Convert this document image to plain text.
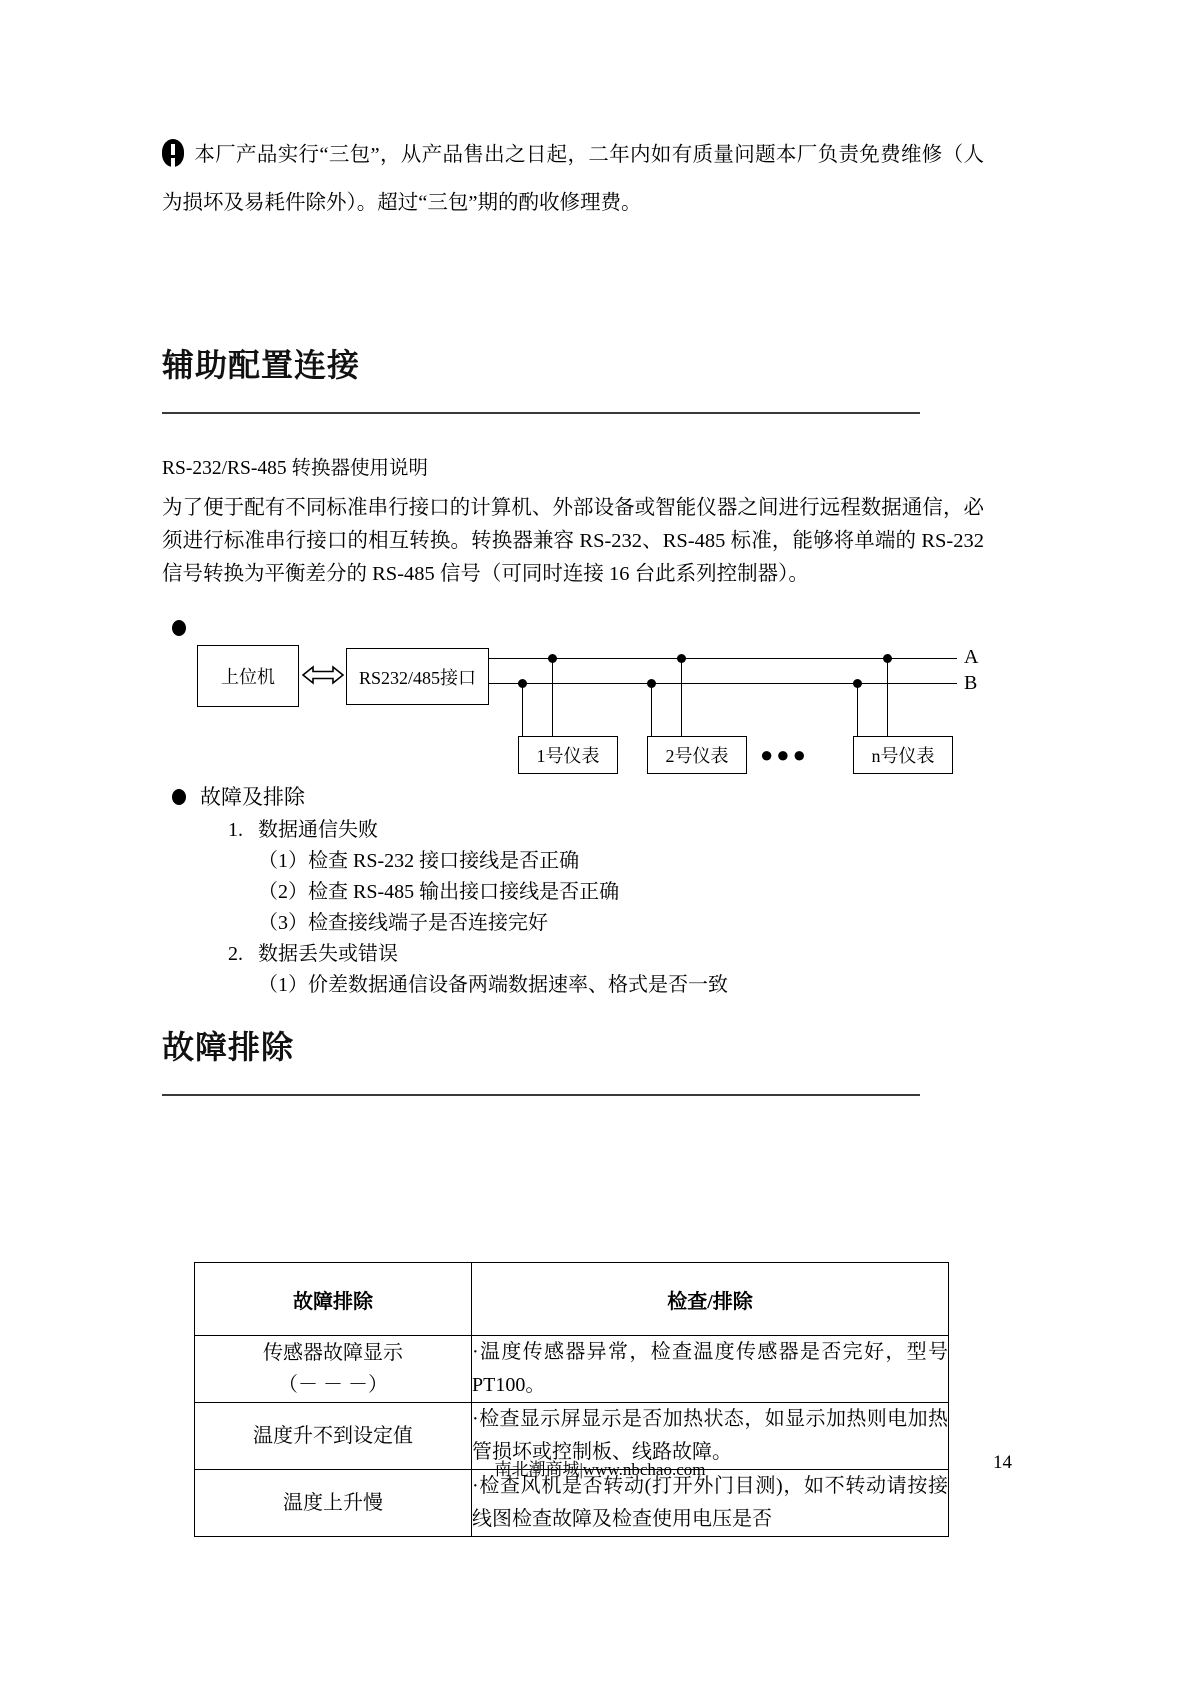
本厂产品实行“三包”，从产品售出之日起，二年内如有质量问题本厂负责免费维修（人为损坏及易耗件除外）。超过“三包”期的酌收修理费。
辅助配置连接
RS-232/RS-485 转换器使用说明
为了便于配有不同标准串行接口的计算机、外部设备或智能仪器之间进行远程数据通信，必须进行标准串行接口的相互转换。转换器兼容 RS-232、RS-485 标准，能够将单端的 RS-232 信号转换为平衡差分的 RS-485 信号（可同时连接 16 台此系列控制器）。
上位机	RS232/485接口
A
B
1号仪表	2号仪表	●●●	n号仪表
故障及排除
1. 数据通信失败
（1）检查 RS-232 接口接线是否正确
（2）检查 RS-485 输出接口接线是否正确
（3）检查接线端子是否连接完好
2. 数据丢失或错误
（1）价差数据通信设备两端数据速率、格式是否一致
故障排除
故障排除	检查/排除

传感器故障显示
（－ － －）	·温度传感器异常，检查温度传感器是否完好，型号 PT100。
温度升不到设定值	·检查显示屏显示是否加热状态，如显示加热则电加热管损坏或控制板、线路故障。
温度上升慢	·检查风机是否转动(打开外门目测)，如不转动请按接线图检查故障及检查使用电压是否
南北潮商城|www.nbchao.com	14
